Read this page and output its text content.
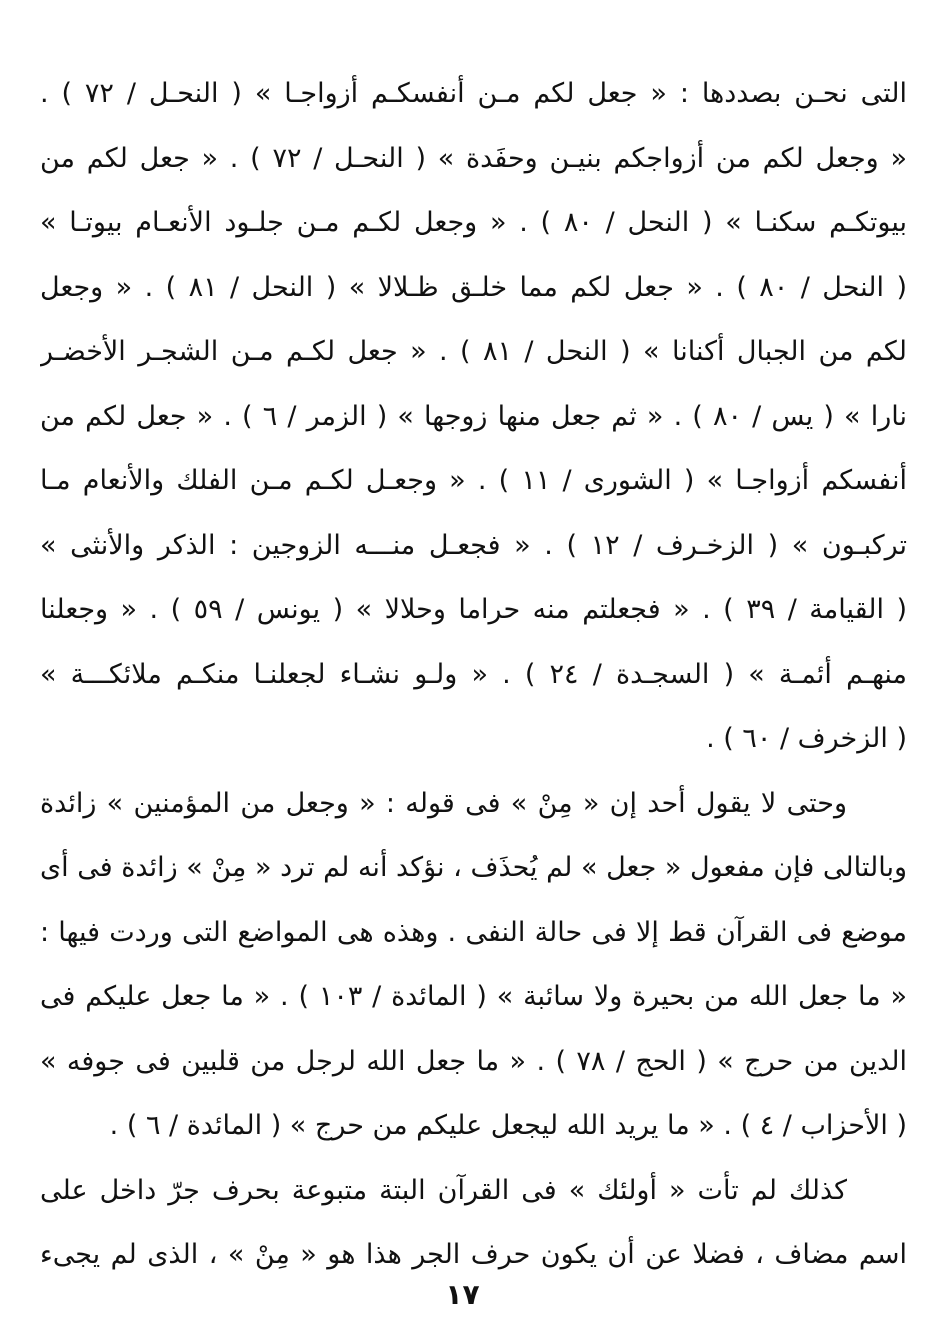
التى نحـن بصددها : « جعل لكم مـن أنفسكـم أزواجـا » ( النحـل / ٧٢ ) .
« وجعل لكم من أزواجكم بنيـن وحفَدة » ( النحـل / ٧٢ ) . « جعل لكم من
بيوتكـم سكنـا » ( النحل / ٨٠ ) . « وجعل لكـم مـن جلـود الأنعـام بيوتـا »
( النحل / ٨٠ ) . « جعل لكم مما خلـق ظـلالا » ( النحل / ٨١ ) . « وجعل
لكم من الجبال أكنانا » ( النحل / ٨١ ) . « جعل لكـم مـن الشجـر الأخضـر
نارا » ( يس / ٨٠ ) . « ثم جعل منها زوجها » ( الزمر / ٦ ) . « جعل لكم من
أنفسكم أزواجـا » ( الشورى / ١١ ) . « وجعـل لكـم مـن الفلك والأنعام مـا
تركبـون » ( الزخـرف / ١٢ ) . « فجعـل منـــه الزوجين : الذكر والأنثى »
( القيامة / ٣٩ ) . « فجعلتم منه حراما وحلالا » ( يونس / ٥٩ ) . « وجعلنا
منهـم أئمـة » ( السجـدة / ٢٤ ) . « ولـو نشـاء لجعلنـا منكـم ملائكـــة »
( الزخرف / ٦٠ ) .
وحتى لا يقول أحد إن « مِنْ » فى قوله : « وجعل من المؤمنين » زائدة
وبالتالى فإن مفعول « جعل » لم يُحذَف ، نؤكد أنه لم ترد « مِنْ » زائدة فى أى
موضع فى القرآن قط إلا فى حالة النفى . وهذه هى المواضع التى وردت فيها :
« ما جعل الله من بحيرة ولا سائبة » ( المائدة / ١٠٣ ) . « ما جعل عليكم فى
الدين من حرج » ( الحج / ٧٨ ) . « ما جعل الله لرجل من قلبين فى جوفه »
( الأحزاب / ٤ ) . « ما يريد الله ليجعل عليكم من حرج » ( المائدة / ٦ ) .
كذلك لم تأت « أولئك » فى القرآن البتة متبوعة بحرف جرّ داخل على
اسم مضاف ، فضلا عن أن يكون حرف الجر هذا هو « مِنْ » ، الذى لم يجىء
١٧
